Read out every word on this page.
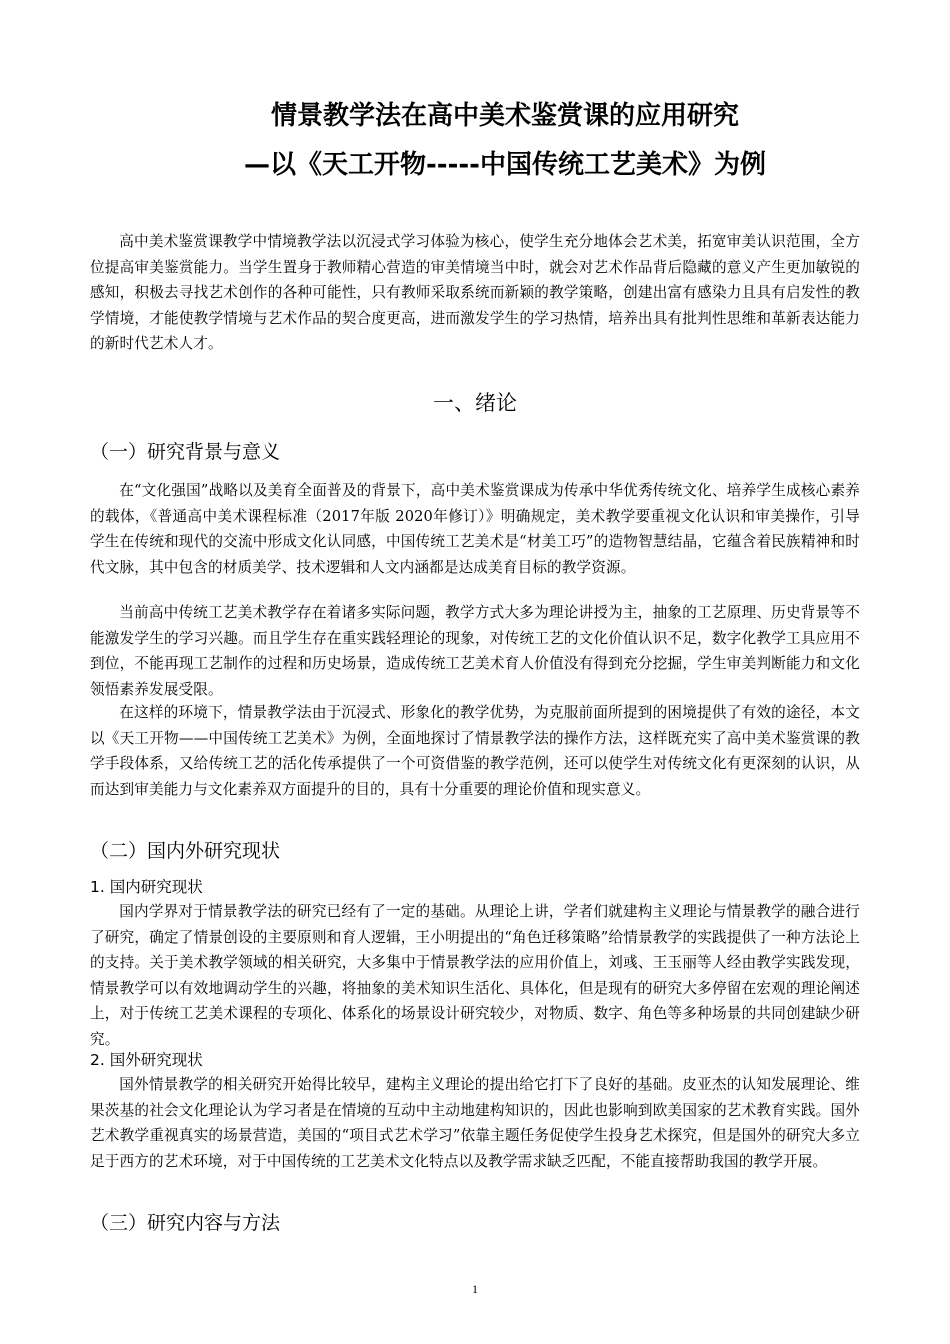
情景教学法在高中美术鉴赏课的应用研究
—以《天工开物-----中国传统工艺美术》为例

高中美术鉴赏课教学中情境教学法以沉浸式学习体验为核心，使学生充分地体会艺术美，拓宽审美认识范围，全方位提高审美鉴赏能力。当学生置身于教师精心营造的审美情境当中时，就会对艺术作品背后隐藏的意义产生更加敏锐的感知，积极去寻找艺术创作的各种可能性，只有教师采取系统而新颖的教学策略，创建出富有感染力且具有启发性的教学情境，才能使教学情境与艺术作品的契合度更高，进而激发学生的学习热情，培养出具有批判性思维和革新表达能力的新时代艺术人才。

一、绪论
（一）研究背景与意义

在“文化强国”战略以及美育全面普及的背景下，高中美术鉴赏课成为传承中华优秀传统文化、培养学生成核心素养的载体，《普通高中美术课程标准（2017年版 2020年修订）》明确规定，美术教学要重视文化认识和审美操作，引导学生在传统和现代的交流中形成文化认同感，中国传统工艺美术是“材美工巧”的造物智慧结晶，它蕴含着民族精神和时代文脉，其中包含的材质美学、技术逻辑和人文内涵都是达成美育目标的教学资源。

当前高中传统工艺美术教学存在着诸多实际问题，教学方式大多为理论讲授为主，抽象的工艺原理、历史背景等不能激发学生的学习兴趣。而且学生存在重实践轻理论的现象，对传统工艺的文化价值认识不足，数字化教学工具应用不到位，不能再现工艺制作的过程和历史场景，造成传统工艺美术育人价值没有得到充分挖掘，学生审美判断能力和文化领悟素养发展受限。

在这样的环境下，情景教学法由于沉浸式、形象化的教学优势，为克服前面所提到的困境提供了有效的途径，本文以《天工开物——中国传统工艺美术》为例，全面地探讨了情景教学法的操作方法，这样既充实了高中美术鉴赏课的教学手段体系，又给传统工艺的活化传承提供了一个可资借鉴的教学范例，还可以使学生对传统文化有更深刻的认识，从而达到审美能力与文化素养双方面提升的目的，具有十分重要的理论价值和现实意义。

（二）国内外研究现状
1. 国内研究现状

国内学界对于情景教学法的研究已经有了一定的基础。从理论上讲，学者们就建构主义理论与情景教学的融合进行了研究，确定了情景创设的主要原则和育人逻辑，王小明提出的“角色迁移策略”给情景教学的实践提供了一种方法论上的支持。关于美术教学领域的相关研究，大多集中于情景教学法的应用价值上，刘彧、王玉丽等人经由教学实践发现，情景教学可以有效地调动学生的兴趣，将抽象的美术知识生活化、具体化，但是现有的研究大多停留在宏观的理论阐述上，对于传统工艺美术课程的专项化、体系化的场景设计研究较少，对物质、数字、角色等多种场景的共同创建缺少研究。

2. 国外研究现状

国外情景教学的相关研究开始得比较早，建构主义理论的提出给它打下了良好的基础。皮亚杰的认知发展理论、维果茨基的社会文化理论认为学习者是在情境的互动中主动地建构知识的，因此也影响到欧美国家的艺术教育实践。国外艺术教学重视真实的场景营造，美国的“项目式艺术学习”依靠主题任务促使学生投身艺术探究，但是国外的研究大多立足于西方的艺术环境，对于中国传统的工艺美术文化特点以及教学需求缺乏匹配，不能直接帮助我国的教学开展。

（三）研究内容与方法
1
